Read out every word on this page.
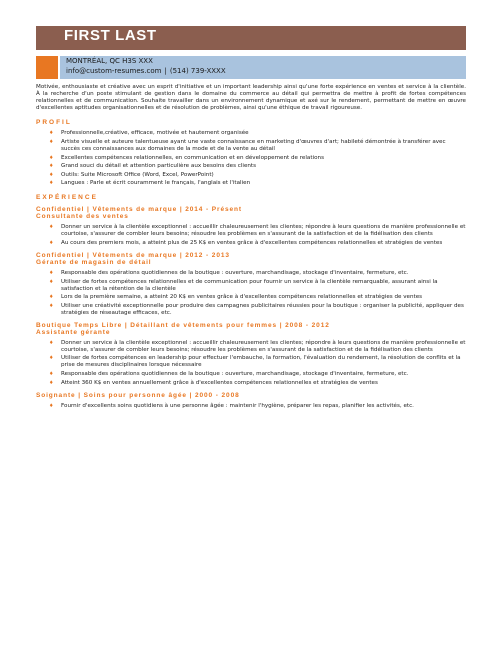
FIRST LAST
MONTRÉAL, QC H3S XXX
info@custom-resumes.com | (514) 739-XXXX

Motivée, enthousiaste et créative avec un esprit d'initiative et un important leadership ainsi qu'une forte expérience en ventes et service à la clientèle. À la recherche d'un poste stimulant de gestion dans le domaine du commerce au détail qui permettra de mettre à profit de fortes compétences relationnelles et de communication. Souhaite travailler dans un environnement dynamique et axé sur le rendement, permettant de mettre en œuvre d'excellentes aptitudes organisationnelles et de résolution de problèmes, ainsi qu'une éthique de travail rigoureuse.

PROFIL
♦ Professionnelle,créative, efficace, motivée et hautement organisée
♦ Artiste visuelle et auteure talentueuse ayant une vaste connaissance en marketing d'œuvres d'art; habileté démontrée à transférer avec succès ces connaissances aux domaines de la mode et de la vente au détail
♦ Excellentes compétences relationnelles, en communication et en développement de relations
♦ Grand souci du détail et attention particulière aux besoins des clients
♦ Outils: Suite Microsoft Office (Word, Excel, PowerPoint)
♦ Langues : Parle et écrit couramment le français, l'anglais et l'italien
EXPÉRIENCE
Confidentiel | Vêtements de marque | 2014 - Présent
Consultante des ventes
♦ Donner un service à la clientèle exceptionnel : accueillir chaleureusement les clientes; répondre à leurs questions de manière professionnelle et courtoise, s'assurer de combler leurs besoins; résoudre les problèmes en s'assurant de la satisfaction et de la fidélisation des clients
♦ Au cours des premiers mois, a atteint plus de 25 K$ en ventes grâce à d'excellentes compétences relationnelles et stratégies de ventes
Confidentiel | Vêtements de marque | 2012 - 2013
Gérante de magasin de détail
♦ Responsable des opérations quotidiennes de la boutique : ouverture, marchandisage, stockage d'inventaire, fermeture, etc.
♦ Utiliser de fortes compétences relationnelles et de communication pour fournir un service à la clientèle remarquable, assurant ainsi la satisfaction et la rétention de la clientèle
♦ Lors de la première semaine, a atteint 20 K$ en ventes grâce à d'excellentes compétences relationnelles et stratégies de ventes
♦ Utiliser une créativité exceptionnelle pour produire des campagnes publicitaires réussies pour la boutique : organiser la publicité, appliquer des stratégies de réseautage efficaces, etc.
Boutique Temps Libre | Détaillant de vêtements pour femmes | 2008 - 2012
Assistante gérante
♦ Donner un service à la clientèle exceptionnel : accueillir chaleureusement les clientes; répondre à leurs questions de manière professionnelle et courtoise, s'assurer de combler leurs besoins; résoudre les problèmes en s'assurant de la satisfaction et de la fidélisation des clients
♦ Utiliser de fortes compétences en leadership pour effectuer l'embauche, la formation, l'évaluation du rendement, la résolution de conflits et la prise de mesures disciplinaires lorsque nécessaire
♦ Responsable des opérations quotidiennes de la boutique : ouverture, marchandisage, stockage d'inventaire, fermeture, etc.
♦ Atteint 360 K$ en ventes annuellement grâce à d'excellentes compétences relationnelles et stratégies de ventes
Soignante | Soins pour personne âgée | 2000 - 2008
♦ Fournir d'excellents soins quotidiens à une personne âgée : maintenir l'hygiène, préparer les repas, planifier les activités, etc.
